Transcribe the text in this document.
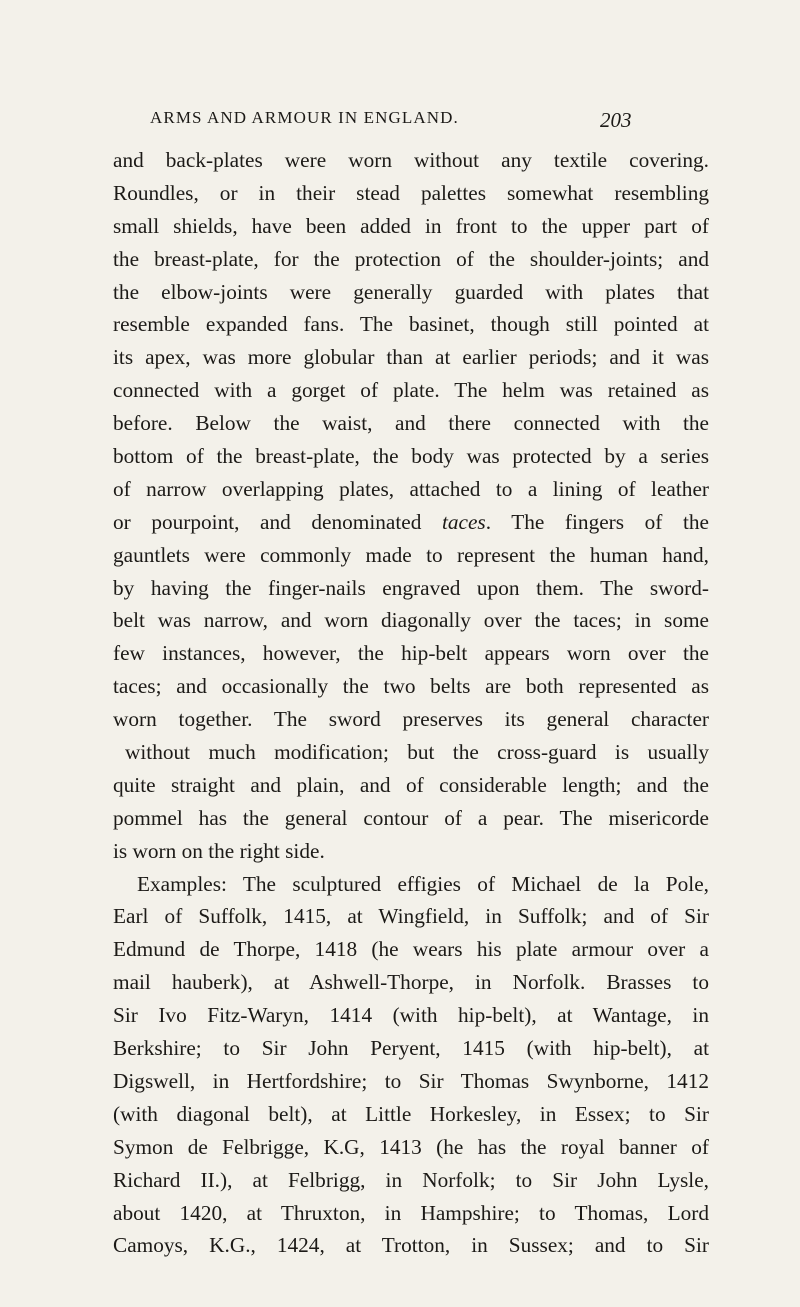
ARMS AND ARMOUR IN ENGLAND.	203
and back-plates were worn without any textile covering.
Roundles, or in their stead palettes somewhat resembling
small shields, have been added in front to the upper part of
the breast-plate, for the protection of the shoulder-joints; and
the elbow-joints were generally guarded with plates that
resemble expanded fans. The basinet, though still pointed at
its apex, was more globular than at earlier periods; and it was
connected with a gorget of plate. The helm was retained as
before. Below the waist, and there connected with the
bottom of the breast-plate, the body was protected by a series
of narrow overlapping plates, attached to a lining of leather
or pourpoint, and denominated taces. The fingers of the
gauntlets were commonly made to represent the human hand,
by having the finger-nails engraved upon them. The sword-
belt was narrow, and worn diagonally over the taces; in some
few instances, however, the hip-belt appears worn over the
taces; and occasionally the two belts are both represented as
worn together. The sword preserves its general character
without much modification; but the cross-guard is usually
quite straight and plain, and of considerable length; and the
pommel has the general contour of a pear. The misericorde
is worn on the right side.
Examples: The sculptured effigies of Michael de la Pole,
Earl of Suffolk, 1415, at Wingfield, in Suffolk; and of Sir
Edmund de Thorpe, 1418 (he wears his plate armour over a
mail hauberk), at Ashwell-Thorpe, in Norfolk. Brasses to
Sir Ivo Fitz-Waryn, 1414 (with hip-belt), at Wantage, in
Berkshire; to Sir John Peryent, 1415 (with hip-belt), at
Digswell, in Hertfordshire; to Sir Thomas Swynborne, 1412
(with diagonal belt), at Little Horkesley, in Essex; to Sir
Symon de Felbrigge, K.G, 1413 (he has the royal banner of
Richard II.), at Felbrigg, in Norfolk; to Sir John Lysle,
about 1420, at Thruxton, in Hampshire; to Thomas, Lord
Camoys, K.G., 1424, at Trotton, in Sussex; and to Sir
